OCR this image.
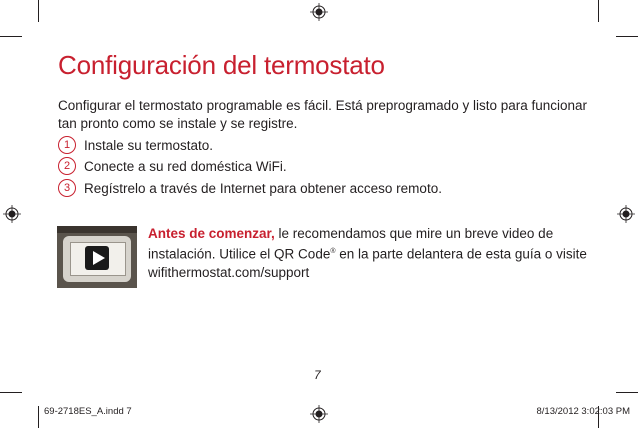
Configuración del termostato

Configurar el termostato programable es fácil. Está preprogramado y listo para funcionar tan pronto como se instale y se registre.

1	Instale su termostato.
2	Conecte a su red doméstica WiFi.
3	Regístrelo a través de Internet para obtener acceso remoto.

Antes de comenzar, le recomendamos que mire un breve video de instalación. Utilice el QR Code® en la parte delantera de esta guía o visite wifithermostat.com/support

7
69-2718ES_A.indd 7	8/13/2012 3:02:03 PM
